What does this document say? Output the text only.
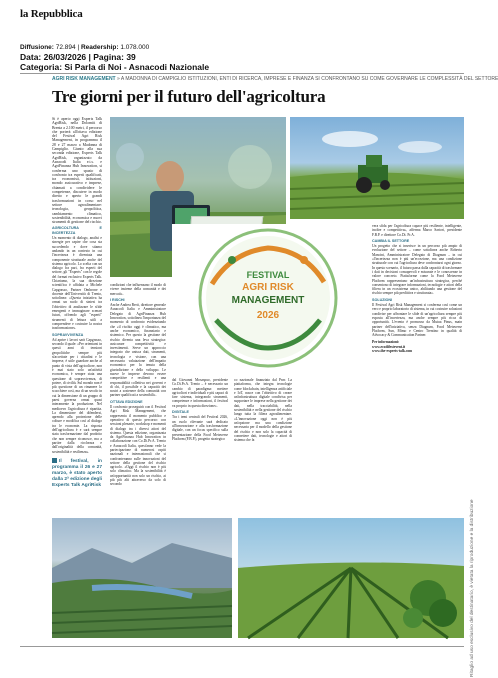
la Repubblica
Diffusione: 72.894 | Readership: 1.078.000
Data: 26/03/2026 | Pagina: 39
Categoria: Si Parla di Noi - Asnacodi Nazionale
AGRI RISK MANAGEMENT » A MADONNA DI CAMPIGLIO ISTITUZIONI, ENTI DI RICERCA, IMPRESE E FINANZA SI CONFRONTANO SU COME GOVERNARE LE COMPLESSITÀ DEL SETTORE
Tre giorni per il futuro dell'agricoltura
Si è aperto oggi Experts Talk AgriRisk, nella Dolomiti di Brenta a 2.100 metri, il percorso che porterà all'ottava edizione del Festival Agri Risk Management, in programma il 28 e 27 marzo a Madonna di Campiglio. Giunto alla sua seconda edizione, Experts Talk AgriRisk, organizzato da Asnacodi Italia e.t.s. e AgriFinanza Hub Innovation, si conferma uno spazio di confronto tra esperti qualificati, tra economisti, istituzioni, mondo assicurativo e imprese, chiamati a condividere le competenze, discutere in modo diretto e aperto le grandi trasformazioni in corso nel settore agroalimentare: tecnologia, geopolitica, cambiamento climatico, sostenibilità, economica e nuovi strumenti di gestione del rischio.
AGRICOLTURA E INCERTEZZA
Un momento di dialogo, analisi e sinergie per capire che cosa sta succedendo e dove stiamo andando in un contesto in cui l'incertezza è diventata una componente strutturale anche del sistema agricolo. Lo scelta con un dialogo fra pari, fra esperti del settore, gli "Experts" con le regole del format esclusivo Experts Talk. Chiariamo, la sua direzione scientifica è affidata a Michele Capgrasso, Partner Ombrone e docente dell'Università di Trento, sottolinea: «Questa iniziativa ha ormai un ruolo di sintesi tra l'obiettivo di analizzare le sfide emergenti e immaginare scenari futuri, offrendo agli "esperti" strumenti di lettura utili a comprendere e costruire la nostra trasformazione».
SOPRAVVIVENZA
Ad aprire i lavori sarà Capgrasso, secondo il quale: «Per orientarsi in questi anni di tensioni geopolitiche sempre più sfaccettate per i cittadini e le imprese, è utile guardare anche al punto di vista dell'agricoltore, non è mai stato solo un'attività economica, è sempre stata una questione di sopravvivenza, di potere, di civiltà. Sul mondo non è più questione di un rimanere lo scacchiere così, ma di un secolo in cui la dimensione di un gruppo di paesi governa ormai quasi interamente la produzione. Nel medioevo l'agricoltura è ripartita. La dimensione del difendersi, aprendo alla protezione delle colture e modifica così al dialogo tra le economie. La risposta dell'agricoltura è e sarà sempre stata trasformazione dal prodotto che non sempre riconosce, ma a partire dalla ricchezza e dall'originalità della comunità, sostenibilità e resilienza».
Il festival, in programma il 26 e 27 marzo, è stato aperto dalla 2ª edizione degli Experts Talk AgriRisk
condizioni che influenzano il modo di vivere insieme della comunità e dei mercati».
I RISCHI
Anche Andrea Berti, direttore generale Asnacodi Italia e Amministratore Delegato di AgriFinanza Hub Innovation, sottolinea l'importanza del momento di confronto evidenziando che «il rischio oggi è climatico, ma anche economico, finanziario e sistemico. Per questo la gestione del rischio diventa una leva strategica: assicurare competitività e investimenti. Serve un approccio integrato che unisca dati, strumenti, tecnologia e visione, con una necessaria valutazione dell'impatto economico per la tenuta della giurisdizione e dello sviluppo. Le nuove le imprese devono essere competitive e resilienti e una responsabilità collettiva nei governi e di chi, il possibile e la capacità dei nostri a sostenere della comunità con partner qualificati a sostenibili».
OTTAVA EDIZIONE
Il confronto proseguirà con il Festival Agri Risk Management, che rappresenta il momento pubblico e operativo di questo percorso: con sessioni plenarie, workshop e momenti di dialogo tra i diversi attori del sistema. Questa edizione, organizzata da AgriFinanza Hub Innovation in collaborazione con Co.Di.Pr.A. Trento e Asnacodi Italia, quest'anno vede la partecipazione di numerosi ospiti nazionali e internazionali che si confronteranno sulle innovazioni del settore della gestione del rischio agricolo. «Oggi il rischio non è più solo climatico. Ma la sostenibilità è un'opportunità non solo un rischio, ai più più alti attraverso da solo di secondo
FESTIVAL
AGRI RISK
MANAGEMENT
2026
dal Giovanni Mosaspuo, presidente Co.Di.Pr.A. Trento – è necessario un cambio di paradigma: mettere agricoltori e individuali e più capaci di fare sistema, integrando strumenti, competenze e informazioni, il festival va proprio in questa direzione».
DIGITALE
Tra i temi centrali del Festival 2026, un ruolo rilevante sarà dedicato all'innovazione e alla trasformazione digitale, con un focus specifico sulla presentazione della Food Metaverse Platform (F.B.P.), progetto strategico
co nazionale finanziato dal Pnrr. La piattaforma, che integra tecnologie come blockchain, intelligenza artificiale e IoT, nasce con l'obiettivo di creare un'infrastruttura digitale condivisa per supportare le imprese nella gestione dei dati, nella tracciabilità, nella sostenibilità e nella gestione del rischio lungo tutta la filiera agroalimentare. «L'innovazione oggi non è più un'opzione ma una condizione necessaria per il modello della gestione del rischio e non solo la capacità di connettere dati, tecnologie e attori di sistema che fa
vera sfida per l'agricoltura capace più resiliente, intelligente, inoltre e competitiva», afferma Marco Sartori, presidente F.B.P. e direttore Co.Di. Pr.A.
CAMBIA IL SETTORE
Un progetto che si inserisce in un percorso più ampio di evoluzione del settore – come sottolinea anche Roberto Mancini, Amministratore Delegato di Diagnum – in cui «l'incertezza non è più un'eccezione, ma una condizione strutturale con cui l'agricoltura deve confrontarsi ogni giorno. In questo scenario, il futuro passa dalla capacità di trasformare i dati in decisioni consapevoli e misurate e le conoscenze in valore concreto. Piattaforme come la Food Metaverse Platform rappresentano un'infrastruttura strategica, perché consentono di integrare informazioni, tecnologie e attori della filiera in un ecosistema unico, abilitando una gestione del rischio sempre più predittiva e strutturata».
SOLUZIONI
Il Festival Agri Risk Management si conferma così come un vero e proprio laboratorio di sistema, in cui costruire soluzioni condivise per affrontare le sfide di un'agricoltura sempre più esposta all'incertezza, ma anche sempre più ricca di opportunità. L'evento è promosso da Mutua Pinus, main partner dell'iniziativa, senza Diagnum, Food Metaverse Platform, Sun, Mimo e Centro Trentino in qualità di Advocacy & Communication Partner.
Per informazioni:
www.ecodifestevent.it
www.the-experts-talk.com
Ritaglio ad uso esclusivo del destinatario, è vietata la riproduzione e la distribuzione
